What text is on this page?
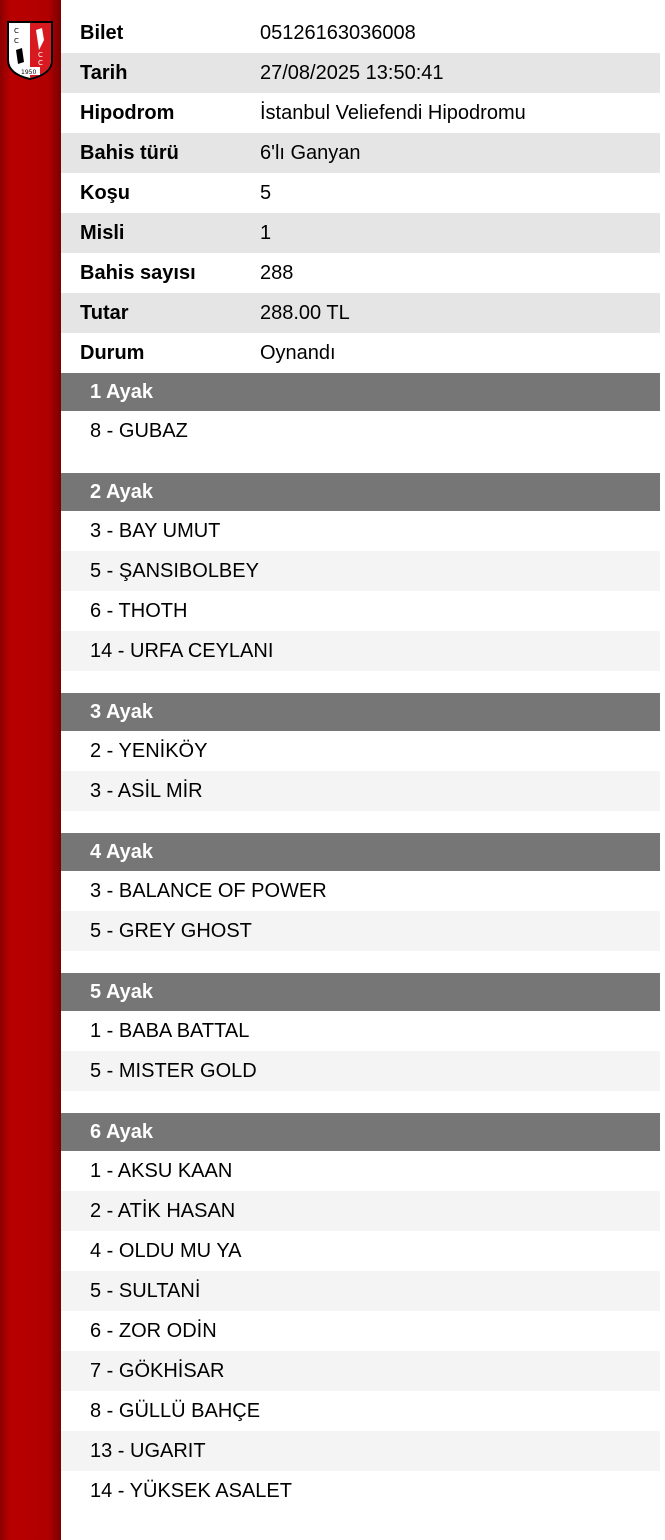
C
C
C
C
1950
Bilet	05126163036008
Tarih	27/08/2025 13:50:41
Hipodrom	İstanbul Veliefendi Hipodromu
Bahis türü	6'lı Ganyan
Koşu	5
Misli	1
Bahis sayısı	288
Tutar	288.00 TL
Durum	Oynandı
1 Ayak
8 - GUBAZ
2 Ayak
3 - BAY UMUT
5 - ŞANSIBOLBEY
6 - THOTH
14 - URFA CEYLANI
3 Ayak
2 - YENİKÖY
3 - ASİL MİR
4 Ayak
3 - BALANCE OF POWER
5 - GREY GHOST
5 Ayak
1 - BABA BATTAL
5 - MISTER GOLD
6 Ayak
1 - AKSU KAAN
2 - ATİK HASAN
4 - OLDU MU YA
5 - SULTANİ
6 - ZOR ODİN
7 - GÖKHİSAR
8 - GÜLLÜ BAHÇE
13 - UGARIT
14 - YÜKSEK ASALET
